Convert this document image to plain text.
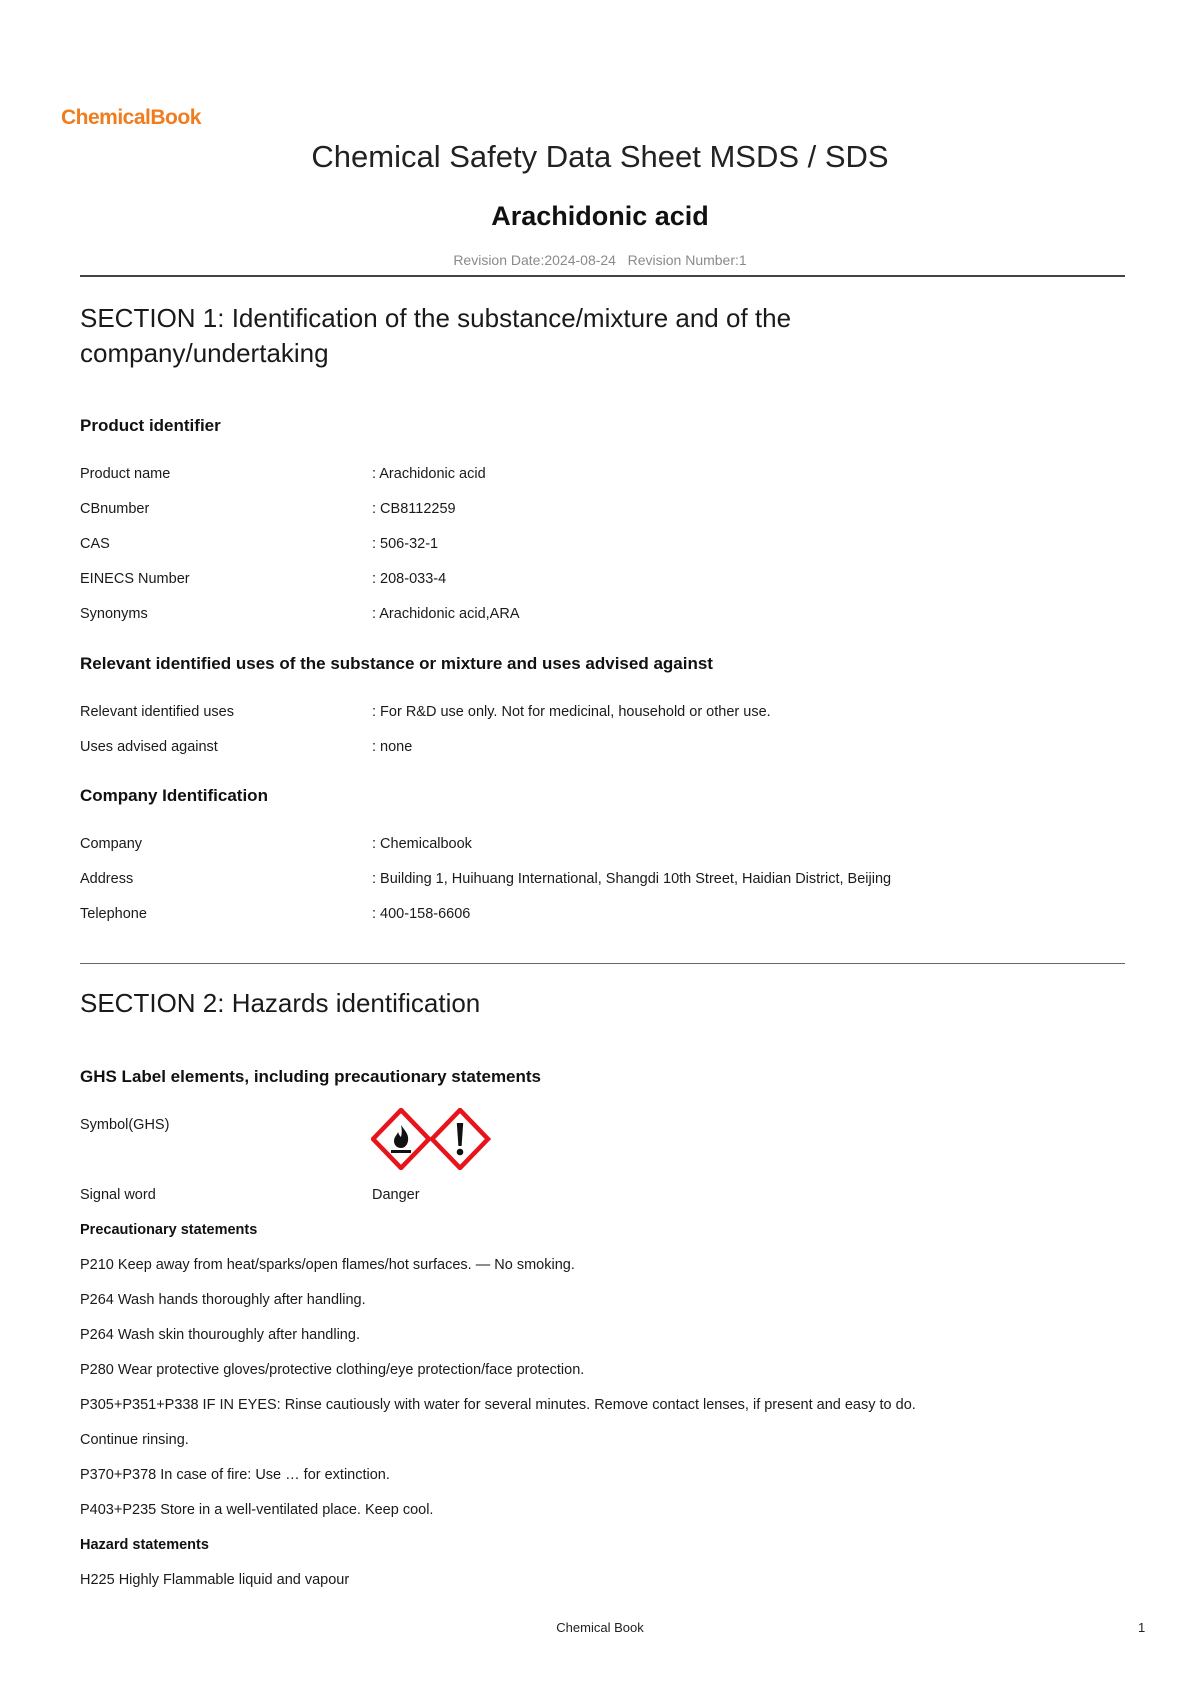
ChemicalBook
Chemical Safety Data Sheet MSDS / SDS
Arachidonic acid
Revision Date:2024-08-24   Revision Number:1
SECTION 1: Identification of the substance/mixture and of the company/undertaking
Product identifier
Product name	: Arachidonic acid
CBnumber	: CB8112259
CAS	: 506-32-1
EINECS Number	: 208-033-4
Synonyms	: Arachidonic acid,ARA
Relevant identified uses of the substance or mixture and uses advised against
Relevant identified uses	: For R&D use only. Not for medicinal, household or other use.
Uses advised against	: none
Company Identification
Company	: Chemicalbook
Address	: Building 1, Huihuang International, Shangdi 10th Street, Haidian District, Beijing
Telephone	: 400-158-6606
SECTION 2: Hazards identification
GHS Label elements, including precautionary statements
Symbol(GHS)
Signal word	Danger
Precautionary statements
P210 Keep away from heat/sparks/open flames/hot surfaces. — No smoking.
P264 Wash hands thoroughly after handling.
P264 Wash skin thouroughly after handling.
P280 Wear protective gloves/protective clothing/eye protection/face protection.
P305+P351+P338 IF IN EYES: Rinse cautiously with water for several minutes. Remove contact lenses, if present and easy to do.
Continue rinsing.
P370+P378 In case of fire: Use … for extinction.
P403+P235 Store in a well-ventilated place. Keep cool.
Hazard statements
H225 Highly Flammable liquid and vapour
Chemical Book	1
